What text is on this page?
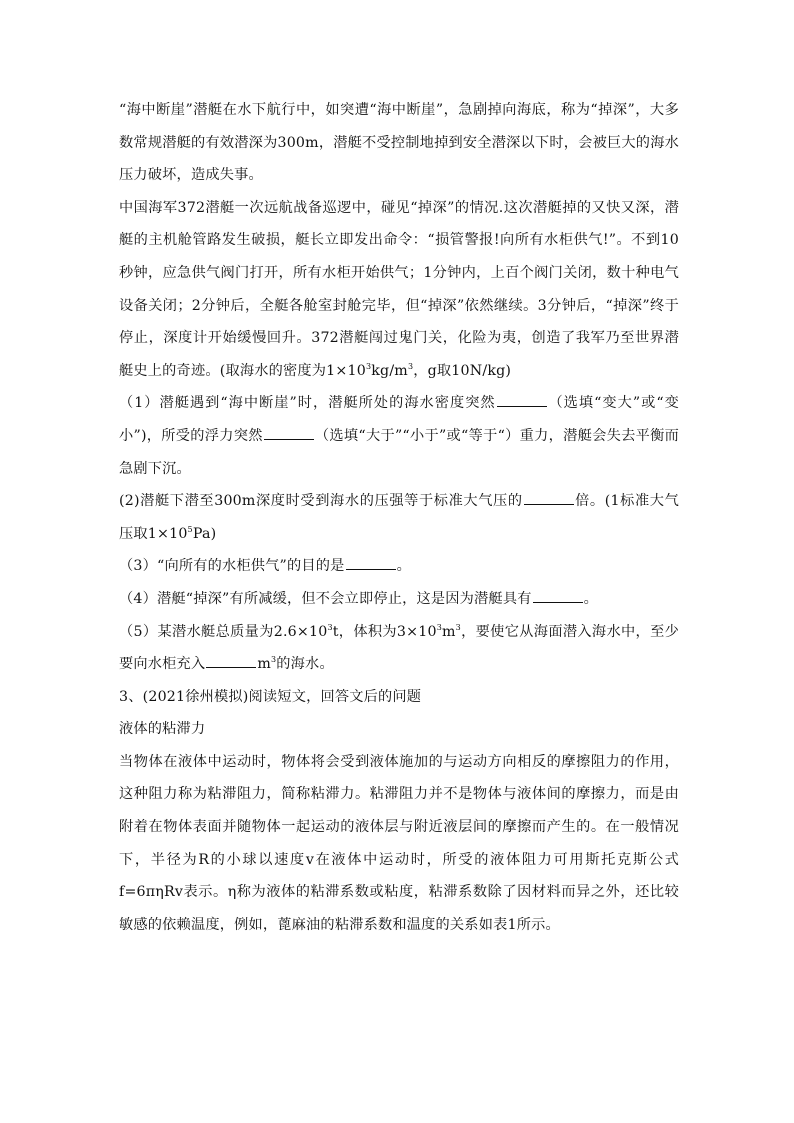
“海中断崖”潜艇在水下航行中，如突遭“海中断崖”，急剧掉向海底，称为“掉深”，大多数常规潜艇的有效潜深为300m，潜艇不受控制地掉到安全潜深以下时，会被巨大的海水压力破坏，造成失事。

中国海军372潜艇一次远航战备巡逻中，碰见“掉深”的情况.这次潜艇掉的又快又深，潜艇的主机舱管路发生破损，艇长立即发出命令：“损管警报!向所有水柜供气!”。不到10秒钟，应急供气阀门打开，所有水柜开始供气；1分钟内，上百个阀门关闭，数十种电气设备关闭；2分钟后，全艇各舱室封舱完毕，但“掉深”依然继续。3分钟后，“掉深”终于停止，深度计开始缓慢回升。372潜艇闯过鬼门关，化险为夷，创造了我军乃至世界潜艇史上的奇迹。(取海水的密度为$1\times 10^3kg/m^3$，g取10N/kg)

（1）潜艇遇到“海中断崖”时，潜艇所处的海水密度突然	（选填“变大”或“变小”)，所受的浮力突然	（选填“大于”“小于”或“等于“）重力，潜艇会失去平衡而急剧下沉。

(2)潜艇下潜至300m深度时受到海水的压强等于标准大气压的	倍。(1标准大气压取$1\times 10^5Pa$)

（3）“向所有的水柜供气”的目的是	。

（4）潜艇“掉深”有所减缓，但不会立即停止，这是因为潜艇具有	。

（5）某潜水艇总质量为$2.6\times 10^3t$，体积为$3\times 10^3m^3$，要使它从海面潜入海水中，至少要向水柜充入	$m^3$的海水。

3、(2021徐州模拟)阅读短文，回答文后的问题

液体的粘滞力

当物体在液体中运动时，物体将会受到液体施加的与运动方向相反的摩擦阻力的作用，这种阻力称为粘滞阻力，简称粘滞力。粘滞阻力并不是物体与液体间的摩擦力，而是由附着在物体表面并随物体一起运动的液体层与附近液层间的摩擦而产生的。在一般情况下，半径为R的小球以速度v在液体中运动时，所受的液体阻力可用斯托克斯公式f=6πηRv表示。η称为液体的粘滞系数或粘度，粘滞系数除了因材料而异之外，还比较敏感的依赖温度，例如，蓖麻油的粘滞系数和温度的关系如表1所示。
